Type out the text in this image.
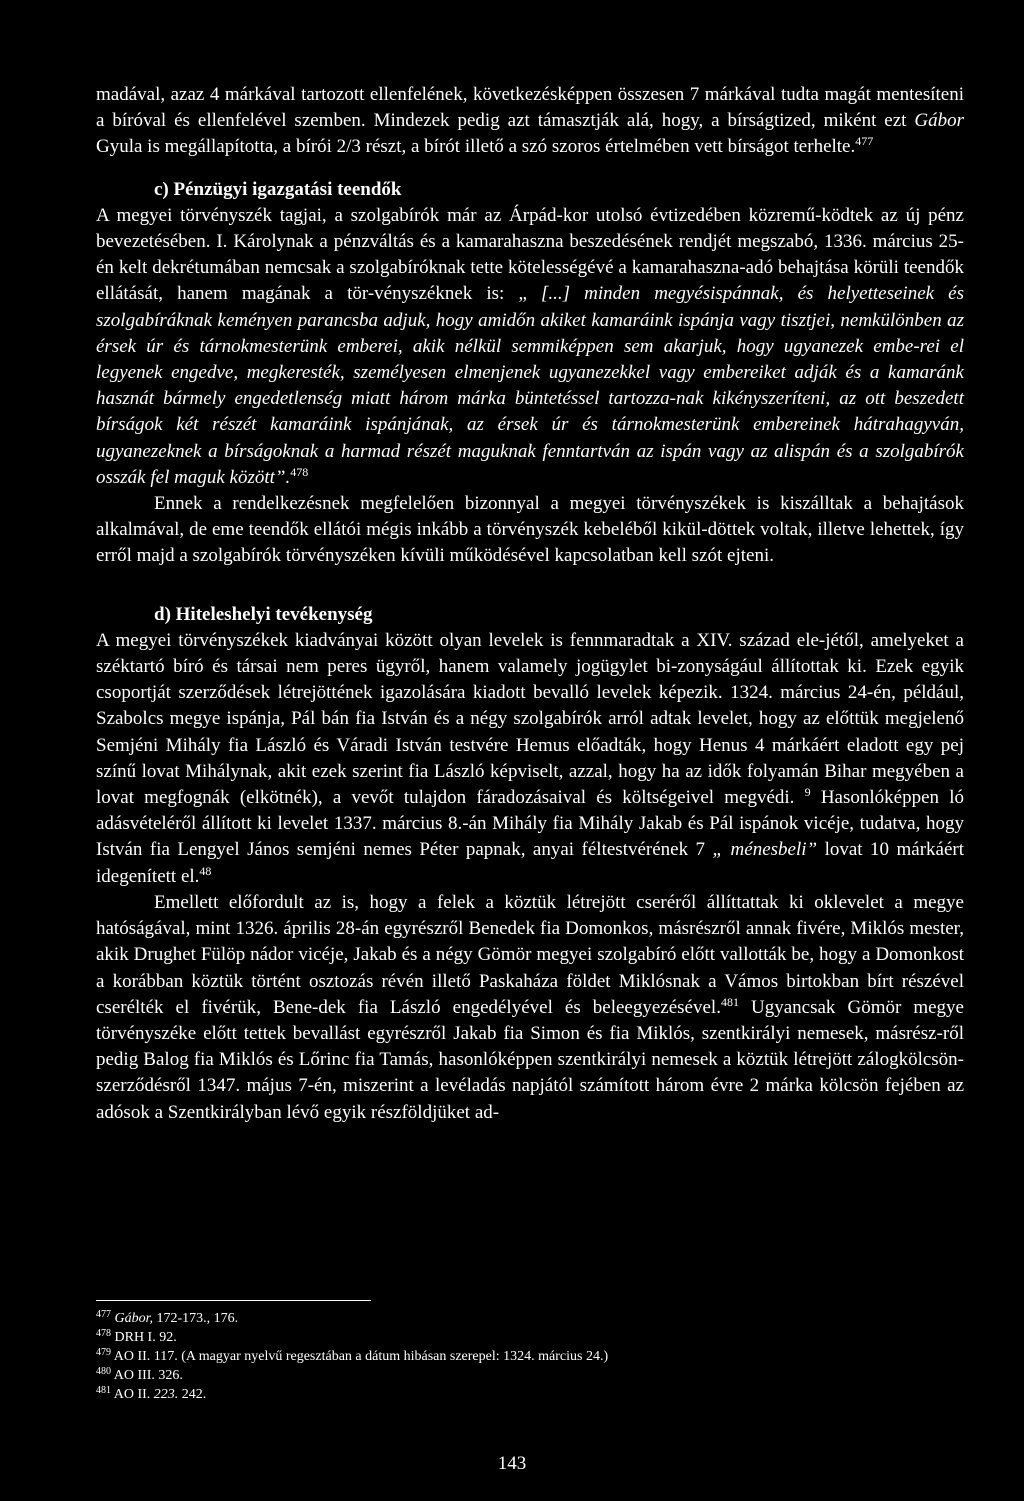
madával, azaz 4 márkával tartozott ellenfelének, következésképpen összesen 7 márkával tudta magát mentesíteni a bíróval és ellenfelével szemben. Mindezek pedig azt támasztják alá, hogy, a bírságtized, miként ezt Gábor Gyula is megállapította, a bírói 2/3 részt, a bírót illető a szó szoros értelmében vett bírságot terhelte.$^{477}$

c) Pénzügyi igazgatási teendők

A megyei törvényszék tagjai, a szolgabírók már az Árpád-kor utolsó évtizedében közremű-ködtek az új pénz bevezetésében. I. Károlynak a pénzváltás és a kamarahaszna beszedésének rendjét megszabó, 1336. március 25-én kelt dekrétumában nemcsak a szolgabíróknak tette kötelességévé a kamarahaszna-adó behajtása körüli teendők ellátását, hanem magának a tör-vényszéknek is: „ [...] minden megyésispánnak, és helyetteseinek és szolgabíráknak keményen parancsba adjuk, hogy amidőn akiket kamaráink ispánja vagy tisztjei, nemkülönben az érsek úr és tárnokmesterünk emberei, akik nélkül semmiképpen sem akarjuk, hogy ugyanezek embe-rei el legyenek engedve, megkeresték, személyesen elmenjenek ugyanezekkel vagy embereiket adják és a kamaránk hasznát bármely engedetlenség miatt három márka büntetéssel tartozza-nak kikényszeríteni, az ott beszedett bírságok két részét kamaráink ispánjának, az érsek úr és tárnokmesterünk embereinek hátrahagyván, ugyanezeknek a bírságoknak a harmad részét maguknak fenntartván az ispán vagy az alispán és a szolgabírók osszák fel maguk között”.$^{478}$

Ennek a rendelkezésnek megfelelően bizonnyal a megyei törvényszékek is kiszálltak a behajtások alkalmával, de eme teendők ellátói mégis inkább a törvényszék kebeléből kikül-döttek voltak, illetve lehettek, így erről majd a szolgabírók törvényszéken kívüli működésével kapcsolatban kell szót ejteni.

d) Hiteleshelyi tevékenység

A megyei törvényszékek kiadványai között olyan levelek is fennmaradtak a XIV. század ele-jétől, amelyeket a széktartó bíró és társai nem peres ügyről, hanem valamely jogügylet bi-zonyságául állítottak ki. Ezek egyik csoportját szerződések létrejöttének igazolására kiadott bevalló levelek képezik. 1324. március 24-én, például, Szabolcs megye ispánja, Pál bán fia István és a négy szolgabírók arról adtak levelet, hogy az előttük megjelenő Semjéni Mihály fia László és Váradi István testvére Hemus előadták, hogy Henus 4 márkáért eladott egy pej színű lovat Mihálynak, akit ezek szerint fia László képviselt, azzal, hogy ha az idők folyamán Bihar megyében a lovat megfognák (elkötnék), a vevőt tulajdon fáradozásaival és költségeivel megvédi. $^9$ Hasonlóképpen ló adásvételéről állított ki levelet 1337. március 8.-án Mihály fia Mihály Jakab és Pál ispánok vicéje, tudatva, hogy István fia Lengyel János semjéni nemes Péter papnak, anyai féltestvérének 7 „ ménesbeli” lovat 10 márkáért idegenített el.$^{48}$

Emellett előfordult az is, hogy a felek a köztük létrejött cseréről állíttattak ki oklevelet a megye hatóságával, mint 1326. április 28-án egyrészről Benedek fia Domonkos, másrészről annak fivére, Miklós mester, akik Drughet Fülöp nádor vicéje, Jakab és a négy Gömör megyei szolgabíró előtt vallották be, hogy a Domonkost a korábban köztük történt osztozás révén illető Paskaháza földet Miklósnak a Vámos birtokban bírt részével cserélték el fivérük, Bene-dek fia László engedélyével és beleegyezésével.$^{481}$ Ugyancsak Gömör megye törvényszéke előtt tettek bevallást egyrészről Jakab fia Simon és fia Miklós, szentkirályi nemesek, másrész-ről pedig Balog fia Miklós és Lőrinc fia Tamás, hasonlóképpen szentkirályi nemesek a köztük létrejött zálogkölcsön-szerződésről 1347. május 7-én, miszerint a levéladás napjától számított három évre 2 márka kölcsön fejében az adósok a Szentkirályban lévő egyik részföldjüket ad-

$^{477}$ Gábor, 172-173., 176.

$^{478}$ DRH I. 92.

$^{479}$ AO II. 117. (A magyar nyelvű regesztában a dátum hibásan szerepel: 1324. március 24.)

$^{480}$ AO III. 326.

$^{481}$ AO II. 223. 242.

143
